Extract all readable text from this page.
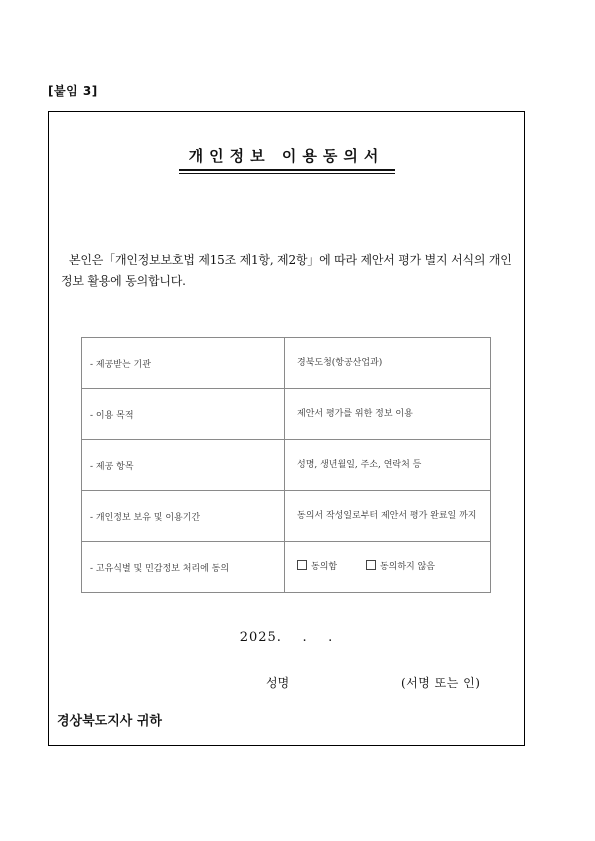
[붙임 3]
개인정보 이용동의서
본인은「개인정보보호법 제15조 제1항, 제2항」에 따라 제안서 평가 별지 서식의 개인정보 활용에 동의합니다.
- 제공받는 기관	경북도청(항공산업과)
- 이용 목적	제안서 평가를 위한 정보 이용
- 제공 항목	성명, 생년월일, 주소, 연락처 등
- 개인정보 보유 및 이용기간	동의서 작성일로부터 제안서 평가 완료일 까지
- 고유식별 및 민감정보 처리에 동의	동의함 동의하지 않음
2025.    .    .
성명	(서명 또는 인)
경상북도지사 귀하
